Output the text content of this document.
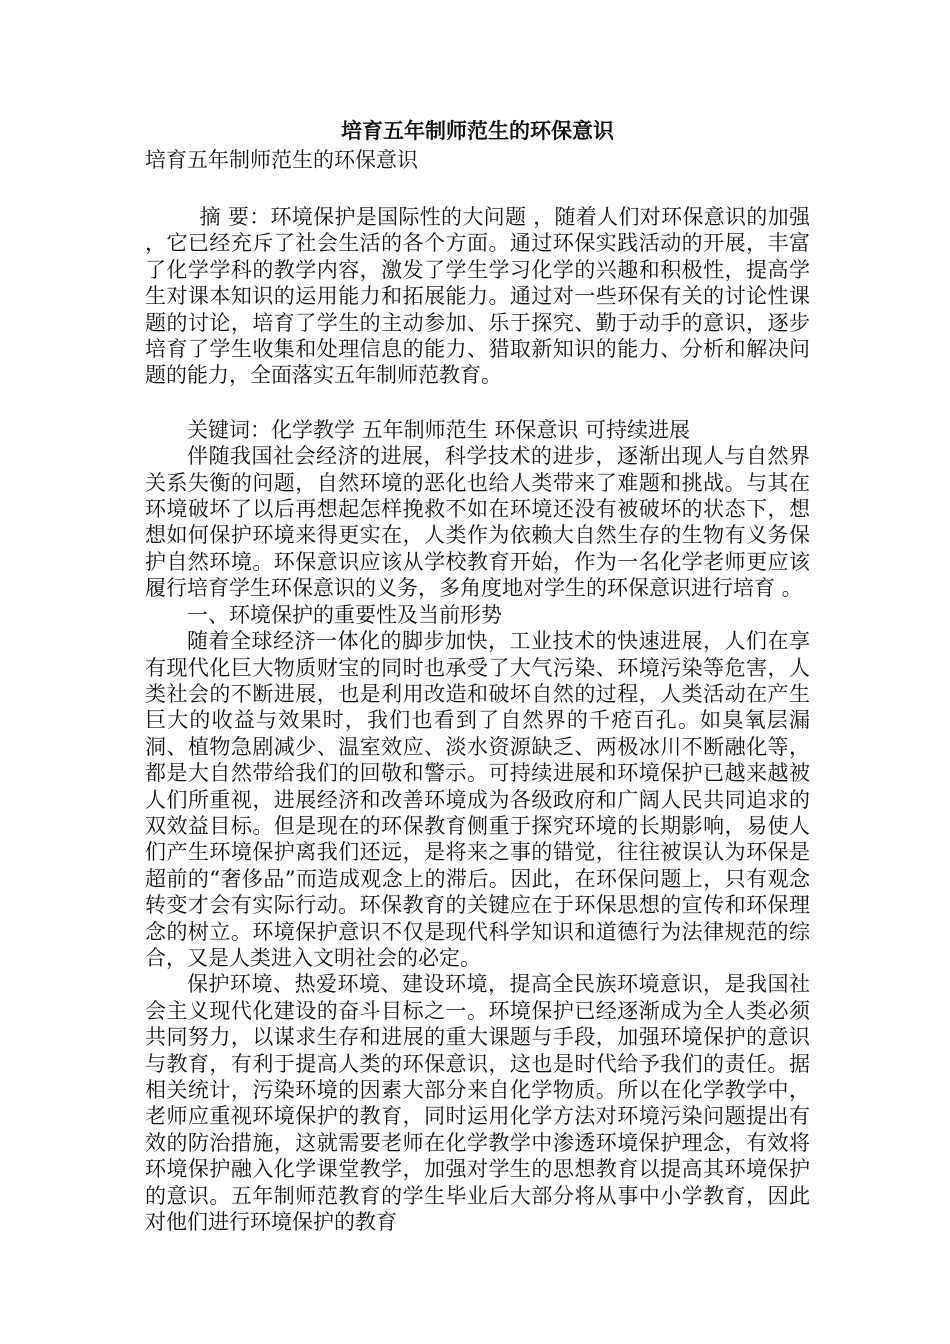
培育五年制师范生的环保意识

培育五年制师范生的环保意识

摘 要：环境保护是国际性的大问题 ，随着人们对环保意识的加强 ，它已经充斥了社会生活的各个方面。通过环保实践活动的开展，丰富了化学学科的教学内容，激发了学生学习化学的兴趣和积极性，提高学生对课本知识的运用能力和拓展能力。通过对一些环保有关的讨论性课题的讨论，培育了学生的主动参加、乐于探究、勤于动手的意识，逐步培育了学生收集和处理信息的能力、猎取新知识的能力、分析和解决问题的能力，全面落实五年制师范教育。

关键词：化学教学 五年制师范生 环保意识 可持续进展

伴随我国社会经济的进展，科学技术的进步，逐渐出现人与自然界关系失衡的问题，自然环境的恶化也给人类带来了难题和挑战。与其在环境破坏了以后再想起怎样挽救不如在环境还没有被破坏的状态下，想想如何保护环境来得更实在，人类作为依赖大自然生存的生物有义务保护自然环境。环保意识应该从学校教育开始，作为一名化学老师更应该履行培育学生环保意识的义务，多角度地对学生的环保意识进行培育 。

一、环境保护的重要性及当前形势

随着全球经济一体化的脚步加快，工业技术的快速进展，人们在享有现代化巨大物质财宝的同时也承受了大气污染、环境污染等危害，人类社会的不断进展，也是利用改造和破坏自然的过程，人类活动在产生巨大的收益与效果时，我们也看到了自然界的千疮百孔。如臭氧层漏洞、植物急剧减少、温室效应、淡水资源缺乏、两极冰川不断融化等，都是大自然带给我们的回敬和警示。可持续进展和环境保护已越来越被人们所重视，进展经济和改善环境成为各级政府和广阔人民共同追求的双效益目标。但是现在的环保教育侧重于探究环境的长期影响，易使人们产生环境保护离我们还远，是将来之事的错觉，往往被误认为环保是超前的“奢侈品”而造成观念上的滞后。因此，在环保问题上，只有观念转变才会有实际行动。环保教育的关键应在于环保思想的宣传和环保理念的树立。环境保护意识不仅是现代科学知识和道德行为法律规范的综合，又是人类进入文明社会的必定。

保护环境、热爱环境、建设环境，提高全民族环境意识，是我国社会主义现代化建设的奋斗目标之一。环境保护已经逐渐成为全人类必须共同努力，以谋求生存和进展的重大课题与手段，加强环境保护的意识与教育，有利于提高人类的环保意识，这也是时代给予我们的责任。据相关统计，污染环境的因素大部分来自化学物质。所以在化学教学中，老师应重视环境保护的教育，同时运用化学方法对环境污染问题提出有效的防治措施，这就需要老师在化学教学中渗透环境保护理念，有效将环境保护融入化学课堂教学，加强对学生的思想教育以提高其环境保护的意识。五年制师范教育的学生毕业后大部分将从事中小学教育，因此对他们进行环境保护的教育
